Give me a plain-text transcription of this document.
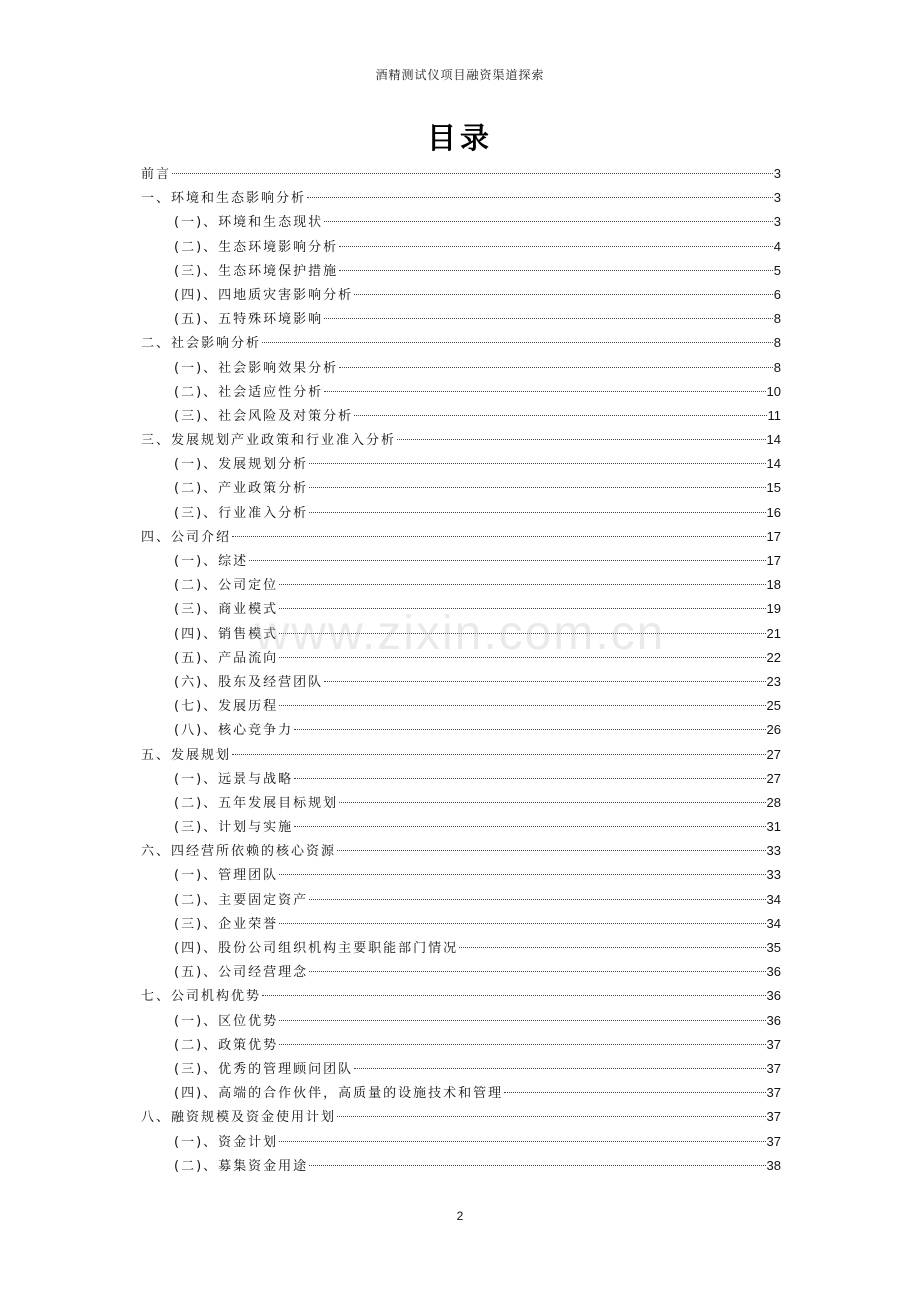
酒精测试仪项目融资渠道探索
目录
前言	3
一、环境和生态影响分析	3
(一)、环境和生态现状	3
(二)、生态环境影响分析	4
(三)、生态环境保护措施	5
(四)、四地质灾害影响分析	6
(五)、五特殊环境影响	8
二、社会影响分析	8
(一)、社会影响效果分析	8
(二)、社会适应性分析	10
(三)、社会风险及对策分析	11
三、发展规划产业政策和行业准入分析	14
(一)、发展规划分析	14
(二)、产业政策分析	15
(三)、行业准入分析	16
四、公司介绍	17
(一)、综述	17
(二)、公司定位	18
(三)、商业模式	19
(四)、销售模式	21
(五)、产品流向	22
(六)、股东及经营团队	23
(七)、发展历程	25
(八)、核心竞争力	26
五、发展规划	27
(一)、远景与战略	27
(二)、五年发展目标规划	28
(三)、计划与实施	31
六、四经营所依赖的核心资源	33
(一)、管理团队	33
(二)、主要固定资产	34
(三)、企业荣誉	34
(四)、股份公司组织机构主要职能部门情况	35
(五)、公司经营理念	36
七、公司机构优势	36
(一)、区位优势	36
(二)、政策优势	37
(三)、优秀的管理顾问团队	37
(四)、高端的合作伙伴，高质量的设施技术和管理	37
八、融资规模及资金使用计划	37
(一)、资金计划	37
(二)、募集资金用途	38
www.zixin.com.cn
2
